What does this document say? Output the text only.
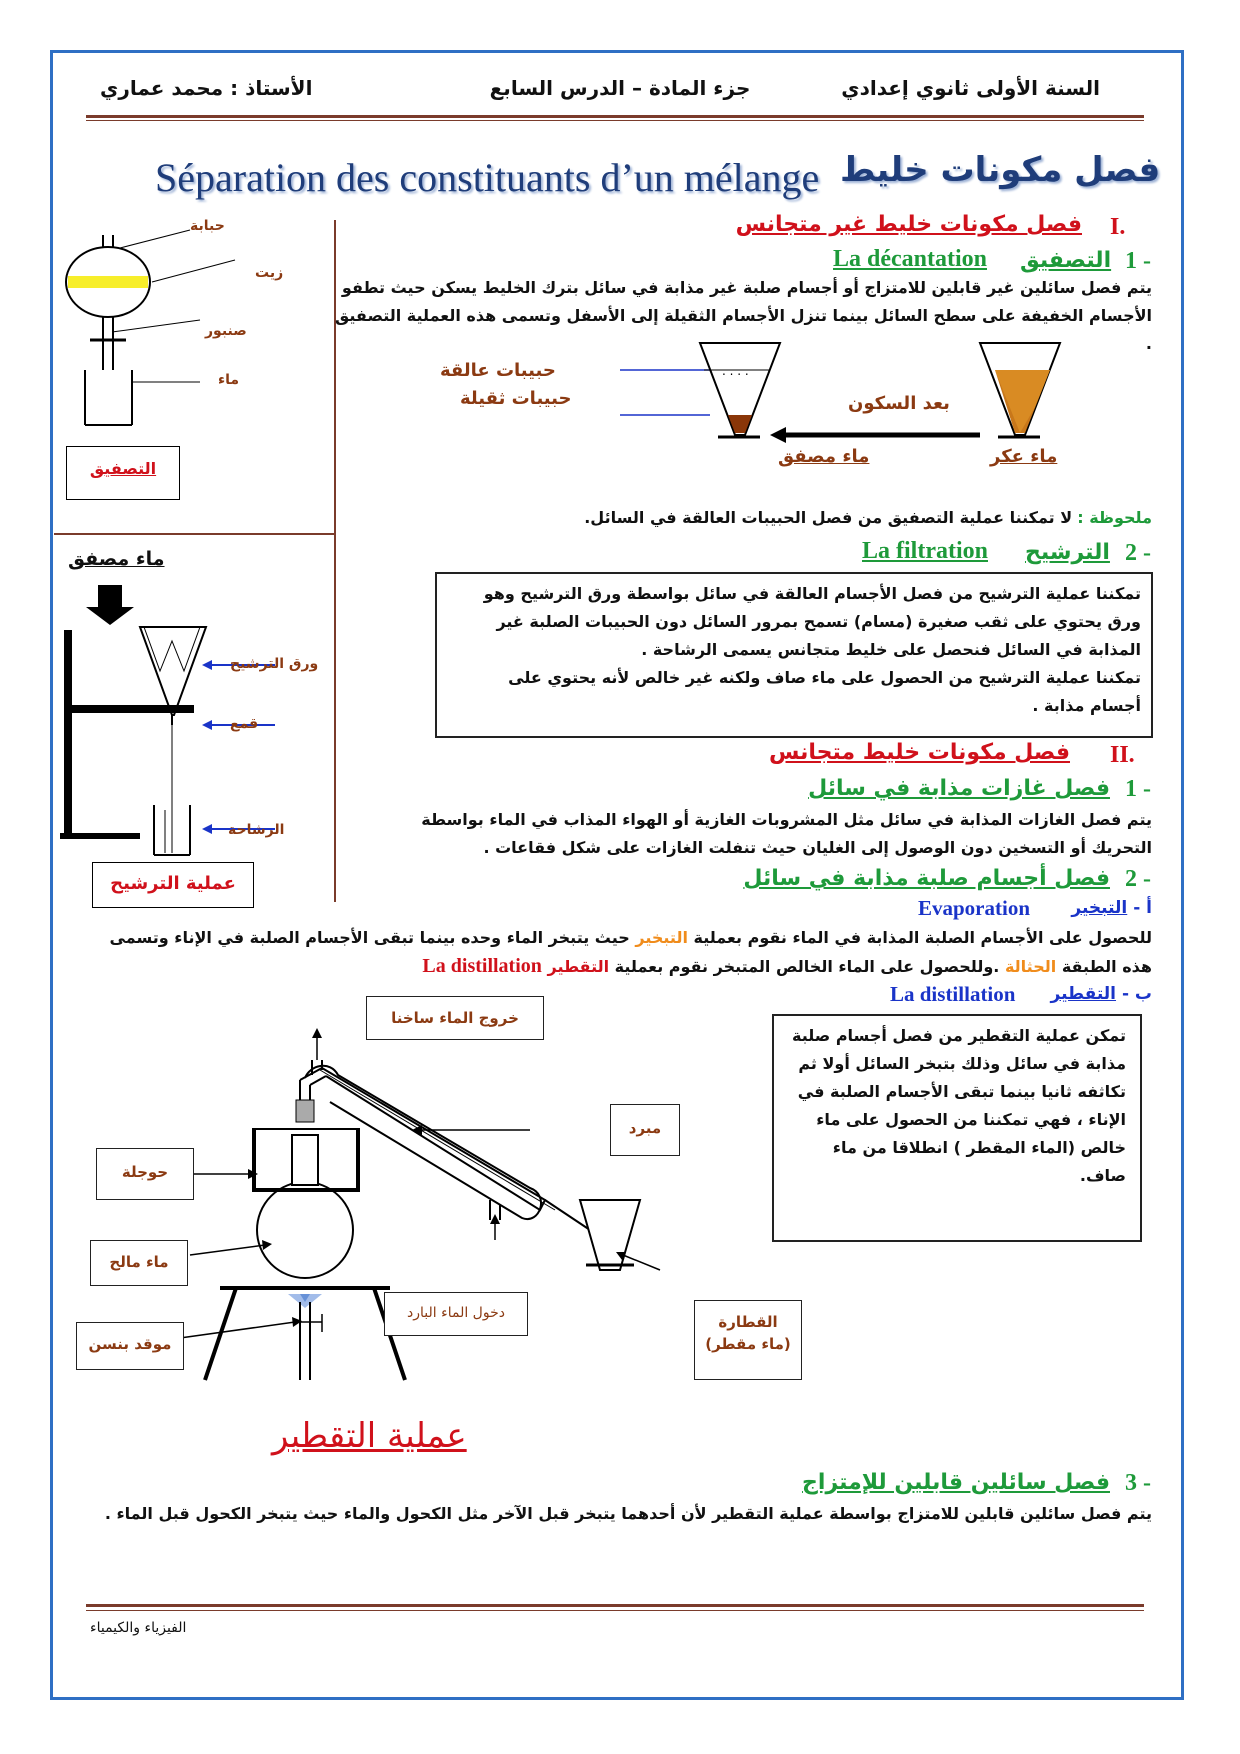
السنة الأولى ثانوي إعدادي
جزء المادة – الدرس السابع
الأستاذ : محمد عماري
Séparation des constituants d’un mélange فصل مكونات خليط
حبابة
زيت
صنبور
ماء
التصفيق
ماء مصفق
ورق الترشيح
قمع
الرشاحة
عملية الترشيح
I.
فصل مكونات خليط غير متجانس
1 -
التصفيق
La décantation
يتم فصل سائلين غير قابلين للامتزاج أو أجسام صلبة غير مذابة في سائل بترك الخليط يسكن حيث تطفو
الأجسام الخفيفة على سطح السائل بينما تنزل الأجسام الثقيلة إلى الأسفل وتسمى هذه العملية التصفيق .
. . . .
حبيبات عالقة
حبيبات ثقيلة	بعد السكون
ماء مصفق	ماء عكر
ملحوظة : لا تمكننا عملية التصفيق من فصل الحبيبات العالقة في السائل.
2 -
الترشيح
La filtration
تمكننا عملية الترشيح من فصل الأجسام العالقة في سائل بواسطة ورق الترشيح وهو
ورق يحتوي على ثقب صغيرة (مسام) تسمح بمرور السائل دون الحبيبات الصلبة غير
المذابة في السائل فنحصل على خليط متجانس يسمى الرشاحة .
تمكننا عملية الترشيح من الحصول على ماء صاف ولكنه غير خالص لأنه يحتوي على
أجسام مذابة .
II.
فصل مكونات خليط متجانس
1 -
فصل غازات مذابة في سائل
يتم فصل الغازات المذابة في سائل مثل المشروبات الغازية أو الهواء المذاب في الماء بواسطة
التحريك أو التسخين دون الوصول إلى الغليان حيث تنفلت الغازات على شكل فقاعات .
2 -
فصل أجسام صلبة مذابة في سائل
أ - التبخير
Evaporation
للحصول على الأجسام الصلبة المذابة في الماء نقوم بعملية التبخير حيث يتبخر الماء وحده بينما تبقى الأجسام الصلبة في الإناء وتسمى
هذه الطبقة الحثالة .وللحصول على الماء الخالص المتبخر نقوم بعملية التقطير La distillation
ب - التقطير
La distillation
تمكن عملية التقطير من فصل أجسام صلبة
مذابة في سائل وذلك بتبخر السائل أولا ثم
تكاثفه ثانيا بينما تبقى الأجسام الصلبة في
الإناء ، فهي تمكننا من الحصول على ماء
خالص (الماء المقطر ) انطلاقا من ماء
صاف.
خروج الماء ساخنا
مبرد
حوجلة
ماء مالح
موقد بنسن
دخول الماء البارد	القطارة
(ماء مقطر)
عملية التقطير
3 -
فصل سائلين قابلين للإمتزاج
يتم فصل سائلين قابلين للامتزاج بواسطة عملية التقطير لأن أحدهما يتبخر قبل الآخر مثل الكحول والماء حيث يتبخر الكحول قبل الماء .
الفيزياء والكيمياء
